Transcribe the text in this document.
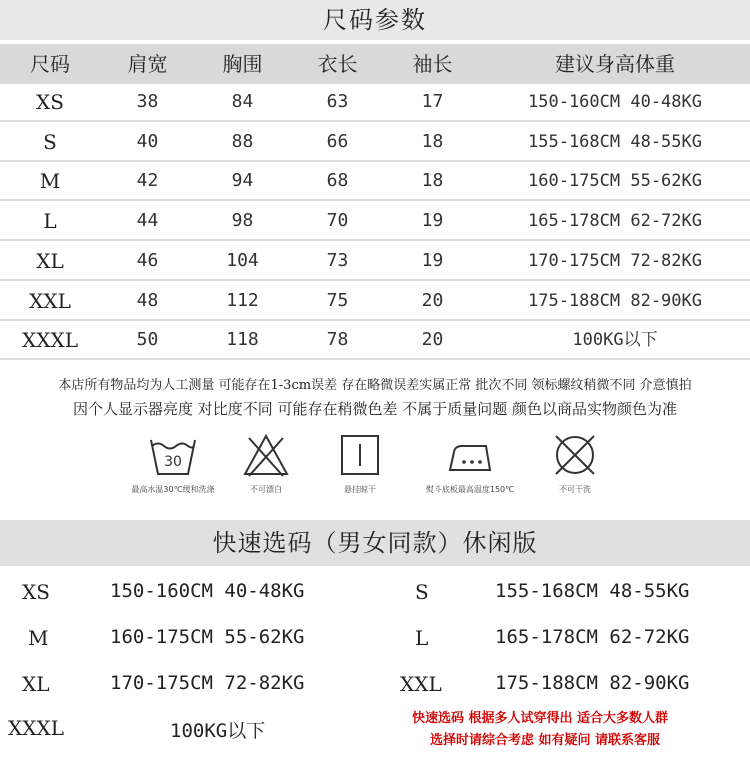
尺码参数
尺码	肩宽	胸围	衣长	袖长	建议身高体重
XS	38	84	63	17	150-160CM 40-48KG
S	40	88	66	18	155-168CM 48-55KG
M	42	94	68	18	160-175CM 55-62KG
L	44	98	70	19	165-178CM 62-72KG
XL	46	104	73	19	170-175CM 72-82KG
XXL	48	112	75	20	175-188CM 82-90KG
XXXL	50	118	78	20	100KG以下
本店所有物品均为人工测量 可能存在1-3cm误差 存在略微误差实属正常 批次不同 领标螺纹稍微不同 介意慎拍
因个人显示器亮度 对比度不同 可能存在稍微色差 不属于质量问题 颜色以商品实物颜色为准
30
最高水温30℃缓和洗涤	不可漂白	悬挂晾干	熨斗底板最高温度150℃	不可干洗
快速选码（男女同款）休闲版
XS	150-160CM 40-48KG	S	155-168CM 48-55KG
M	160-175CM 55-62KG	L	165-178CM 62-72KG
XL	170-175CM 72-82KG	XXL	175-188CM 82-90KG
XXXL	100KG以下
快速选码 根据多人试穿得出 适合大多数人群
选择时请综合考虑 如有疑问 请联系客服
